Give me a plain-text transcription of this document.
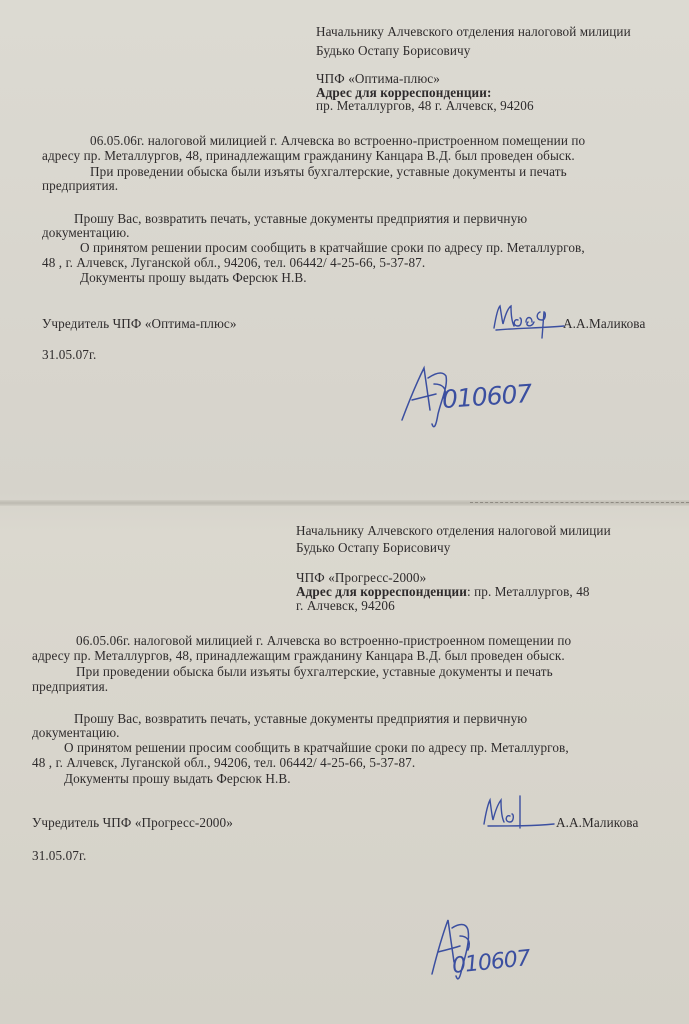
Начальнику Алчевского отделения налоговой милиции
Будько Остапу Борисовичу
ЧПФ «Оптима-плюс»
Адрес для корреспонденции:
пр. Металлургов, 48 г. Алчевск, 94206
06.05.06г. налоговой милицией г. Алчевска во встроенно-пристроенном помещении по
адресу пр. Металлургов, 48, принадлежащим гражданину Канцара В.Д. был проведен обыск.
При проведении обыска были изъяты бухгалтерские, уставные документы и печать
предприятия.
Прошу Вас, возвратить печать, уставные документы предприятия и первичную
документацию.
О принятом решении просим сообщить в кратчайшие сроки по адресу пр. Металлургов,
48 , г. Алчевск, Луганской обл., 94206, тел. 06442/ 4-25-66, 5-37-87.
Документы прошу выдать Ферсюк Н.В.
Учредитель ЧПФ «Оптима-плюс»	А.А.Маликова
31.05.07г.
010607
Начальнику Алчевского отделения налоговой милиции
Будько Остапу Борисовичу
ЧПФ «Прогресс-2000»
Адрес для корреспонденции: пр. Металлургов, 48
г. Алчевск, 94206
06.05.06г. налоговой милицией г. Алчевска во встроенно-пристроенном помещении по
адресу пр. Металлургов, 48, принадлежащим гражданину Канцара В.Д. был проведен обыск.
При проведении обыска были изъяты бухгалтерские, уставные документы и печать
предприятия.
Прошу Вас, возвратить печать, уставные документы предприятия и первичную
документацию.
О принятом решении просим сообщить в кратчайшие сроки по адресу пр. Металлургов,
48 , г. Алчевск, Луганской обл., 94206, тел. 06442/ 4-25-66, 5-37-87.
Документы прошу выдать Ферсюк Н.В.
Учредитель ЧПФ «Прогресс-2000»	А.А.Маликова
31.05.07г.
010607
